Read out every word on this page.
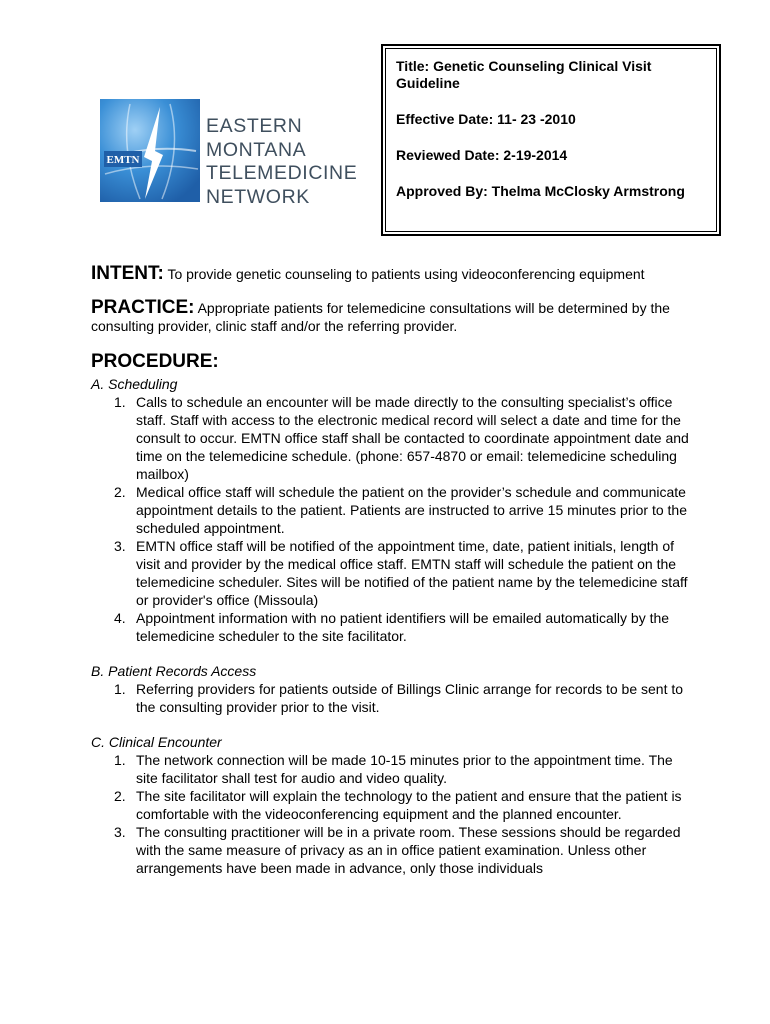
EMTN
EASTERN
MONTANA
TELEMEDICINE
NETWORK

Title: Genetic Counseling Clinical Visit Guideline

Effective Date: 11- 23 -2010

Reviewed Date: 2-19-2014

Approved By: Thelma McClosky Armstrong

INTENT: To provide genetic counseling to patients using videoconferencing equipment

PRACTICE: Appropriate patients for telemedicine consultations will be determined by the consulting provider, clinic staff and/or the referring provider.

PROCEDURE:

A. Scheduling

1. Calls to schedule an encounter will be made directly to the consulting specialist’s office staff. Staff with access to the electronic medical record will select a date and time for the consult to occur. EMTN office staff shall be contacted to coordinate appointment date and time on the telemedicine schedule. (phone: 657-4870 or email: telemedicine scheduling mailbox)
2. Medical office staff will schedule the patient on the provider’s schedule and communicate appointment details to the patient. Patients are instructed to arrive 15 minutes prior to the scheduled appointment.
3. EMTN office staff will be notified of the appointment time, date, patient initials, length of visit and provider by the medical office staff. EMTN staff will schedule the patient on the telemedicine scheduler. Sites will be notified of the patient name by the telemedicine staff or provider's office (Missoula)
4. Appointment information with no patient identifiers will be emailed automatically by the telemedicine scheduler to the site facilitator.

B. Patient Records Access

1. Referring providers for patients outside of Billings Clinic arrange for records to be sent to the consulting provider prior to the visit.

C. Clinical Encounter

1. The network connection will be made 10-15 minutes prior to the appointment time. The site facilitator shall test for audio and video quality.
2. The site facilitator will explain the technology to the patient and ensure that the patient is comfortable with the videoconferencing equipment and the planned encounter.
3. The consulting practitioner will be in a private room. These sessions should be regarded with the same measure of privacy as an in office patient examination. Unless other arrangements have been made in advance, only those individuals
